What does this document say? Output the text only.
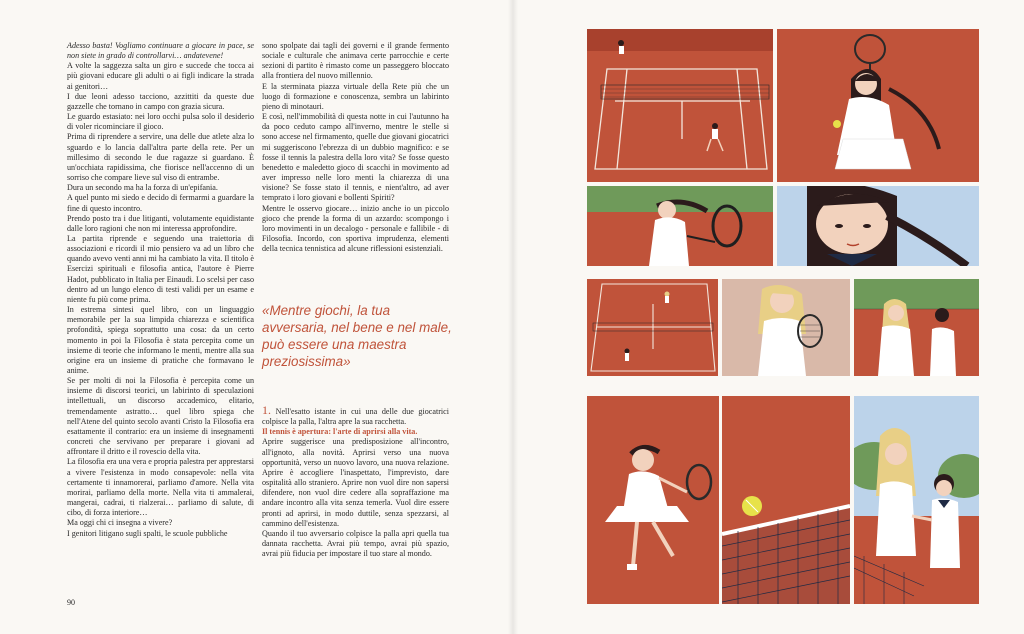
Adesso basta! Vogliamo continuare a giocare in pace, se non siete in grado di controllarvi… andatevene!

A volte la saggezza salta un giro e succede che tocca ai più giovani educare gli adulti o ai figli indicare la strada ai genitori…

I due leoni adesso tacciono, azzittiti da queste due gazzelle che tornano in campo con grazia sicura.

Le guardo estasiato: nei loro occhi pulsa solo il desiderio di voler ricominciare il gioco.

Prima di riprendere a servire, una delle due atlete alza lo sguardo e lo lancia dall'altra parte della rete. Per un millesimo di secondo le due ragazze si guardano. È un'occhiata rapidissima, che fiorisce nell'accenno di un sorriso che compare lieve sul viso di entrambe.

Dura un secondo ma ha la forza di un'epifania.

A quel punto mi siedo e decido di fermarmi a guardare la fine di questo incontro.

Prendo posto tra i due litiganti, volutamente equidistante dalle loro ragioni che non mi interessa approfondire.

La partita riprende e seguendo una traiettoria di associazioni e ricordi il mio pensiero va ad un libro che quando avevo venti anni mi ha cambiato la vita. Il titolo è Esercizi spirituali e filosofia antica, l'autore è Pierre Hadot, pubblicato in Italia per Einaudi. Lo scelsi per caso dentro ad un lungo elenco di testi validi per un esame e niente fu più come prima.

In estrema sintesi quel libro, con un linguaggio memorabile per la sua limpida chiarezza e scientifica profondità, spiega soprattutto una cosa: da un certo momento in poi la Filosofia è stata percepita come un insieme di teorie che informano le menti, mentre alla sua origine era un insieme di pratiche che formavano le anime.

Se per molti di noi la Filosofia è percepita come un insieme di discorsi teorici, un labirinto di speculazioni intellettuali, un discorso accademico, elitario, tremendamente astratto… quel libro spiega che nell'Atene del quinto secolo avanti Cristo la Filosofia era esattamente il contrario: era un insieme di insegnamenti concreti che servivano per preparare i giovani ad affrontare il dritto e il rovescio della vita.

La filosofia era una vera e propria palestra per apprestarsi a vivere l'esistenza in modo consapevole: nella vita certamente ti innamorerai, parliamo d'amore. Nella vita morirai, parliamo della morte. Nella vita ti ammalerai, mangerai, cadrai, ti rialzerai… parliamo di salute, di cibo, di forza interiore…

Ma oggi chi ci insegna a vivere?

I genitori litigano sugli spalti, le scuole pubbliche

sono spolpate dai tagli dei governi e il grande fermento sociale e culturale che animava certe parrocchie e certe sezioni di partito è rimasto come un passeggero bloccato alla frontiera del nuovo millennio.

E la sterminata piazza virtuale della Rete più che un luogo di formazione e conoscenza, sembra un labirinto pieno di minotauri.

E così, nell'immobilità di questa notte in cui l'autunno ha da poco ceduto campo all'inverno, mentre le stelle si sono accese nel firmamento, quelle due giovani giocatrici mi suggeriscono l'ebrezza di un dubbio magnifico: e se fosse il tennis la palestra della loro vita? Se fosse questo benedetto e maledetto gioco di scacchi in movimento ad aver impresso nelle loro menti la chiarezza di una visione? Se fosse stato il tennis, e nient'altro, ad aver temprato i loro giovani e bollenti Spiriti?

Mentre le osservo giocare… inizio anche io un piccolo gioco che prende la forma di un azzardo: scompongo i loro movimenti in un decalogo - personale e fallibile - di Filosofia. Incordo, con sportiva imprudenza, elementi della tecnica tennistica ad alcune riflessioni esistenziali.

«Mentre giochi, la tua avversaria, nel bene e nel male, può essere una maestra preziosissima»

1. Nell'esatto istante in cui una delle due giocatrici colpisce la palla, l'altra apre la sua racchetta.

Il tennis è apertura: l'arte di aprirsi alla vita.

Aprire suggerisce una predisposizione all'incontro, all'ignoto, alla novità. Aprirsi verso una nuova opportunità, verso un nuovo lavoro, una nuova relazione. Aprire è accogliere l'inaspettato, l'imprevisto, dare ospitalità allo straniero. Aprire non vuol dire non sapersi difendere, non vuol dire cedere alla sopraffazione ma andare incontro alla vita senza temerla. Vuol dire essere pronti ad aprirsi, in modo duttile, senza spezzarsi, al cammino dell'esistenza.

Quando il tuo avversario colpisce la palla apri quella tua dannata racchetta. Avrai più tempo, avrai più spazio, avrai più fiducia per impostare il tuo stare al mondo.

90
